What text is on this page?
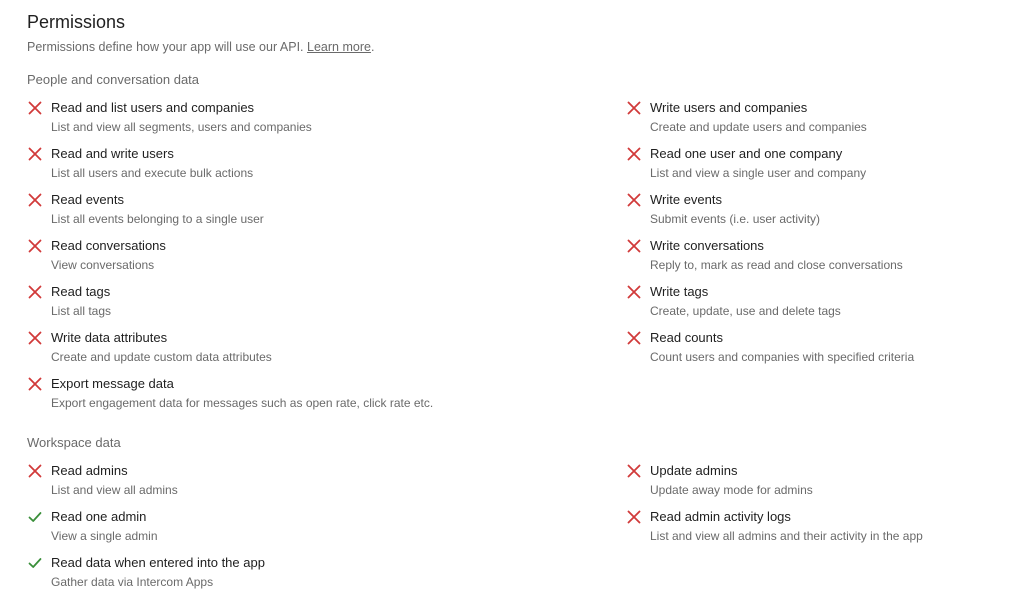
Permissions
Permissions define how your app will use our API. Learn more.
People and conversation data
Read and list users and companies
List and view all segments, users and companies
Read and write users
List all users and execute bulk actions
Read events
List all events belonging to a single user
Read conversations
View conversations
Read tags
List all tags
Write data attributes
Create and update custom data attributes
Export message data
Export engagement data for messages such as open rate, click rate etc.
Write users and companies
Create and update users and companies
Read one user and one company
List and view a single user and company
Write events
Submit events (i.e. user activity)
Write conversations
Reply to, mark as read and close conversations
Write tags
Create, update, use and delete tags
Read counts
Count users and companies with specified criteria
Workspace data
Read admins
List and view all admins
Read one admin
View a single admin
Read data when entered into the app
Gather data via Intercom Apps
Update admins
Update away mode for admins
Read admin activity logs
List and view all admins and their activity in the app
